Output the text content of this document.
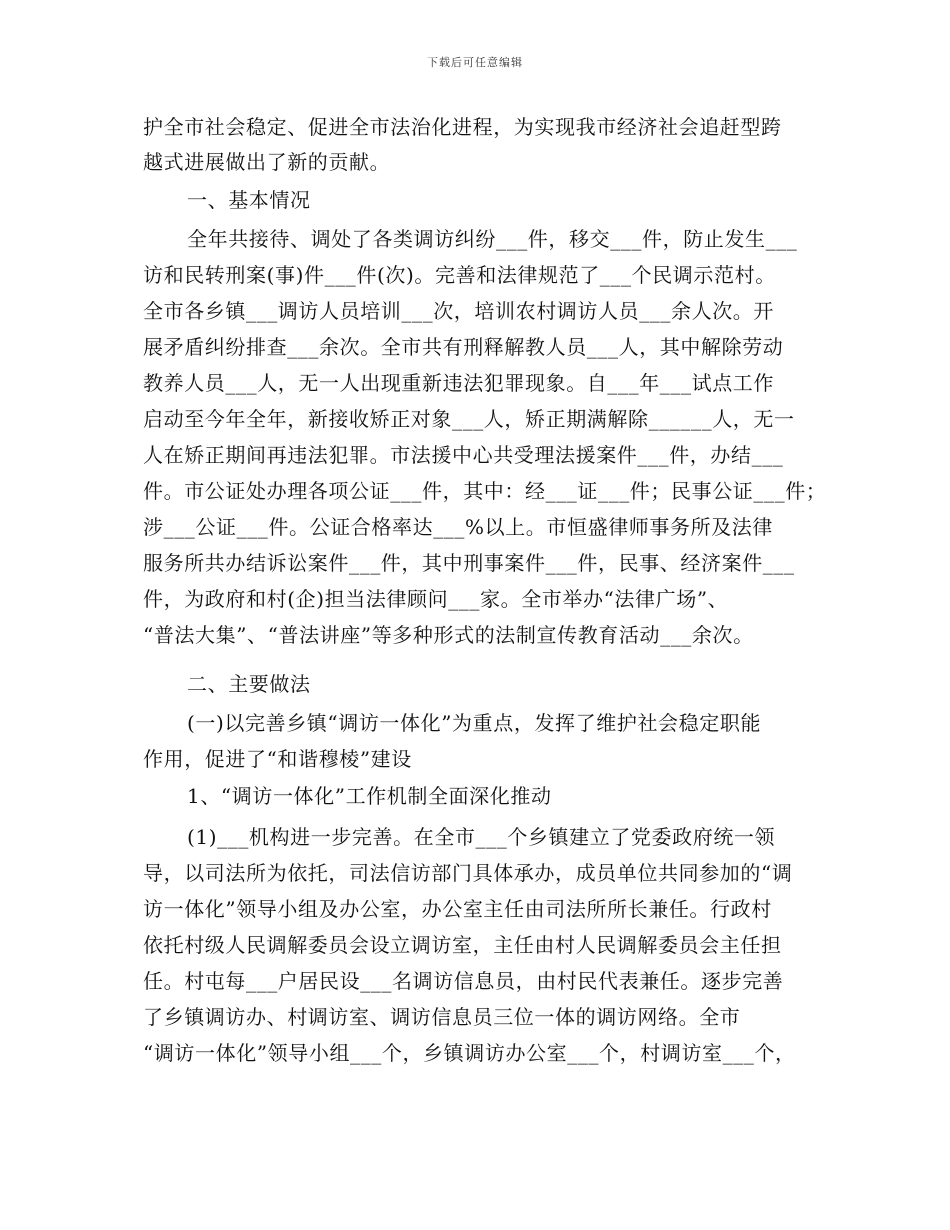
下载后可任意编辑
护全市社会稳定、促进全市法治化进程，为实现我市经济社会追赶型跨
越式进展做出了新的贡献。
一、基本情况
全年共接待、调处了各类调访纠纷___件，移交___件，防止发生___
访和民转刑案(事)件___件(次)。完善和法律规范了___个民调示范村。
全市各乡镇___调访人员培训___次，培训农村调访人员___余人次。开
展矛盾纠纷排查___余次。全市共有刑释解教人员___人，其中解除劳动
教养人员___人，无一人出现重新违法犯罪现象。自___年___试点工作
启动至今年全年，新接收矫正对象___人，矫正期满解除______人，无一
人在矫正期间再违法犯罪。市法援中心共受理法援案件___件，办结___
件。市公证处办理各项公证___件，其中：经___证___件；民事公证___件；
涉___公证___件。公证合格率达___%以上。市恒盛律师事务所及法律
服务所共办结诉讼案件___件，其中刑事案件___件，民事、经济案件___
件，为政府和村(企)担当法律顾问___家。全市举办“法律广场”、
“普法大集”、“普法讲座”等多种形式的法制宣传教育活动___余次。
二、主要做法
(一)以完善乡镇“调访一体化”为重点，发挥了维护社会稳定职能
作用，促进了“和谐穆棱”建设
1、“调访一体化”工作机制全面深化推动
(1)___机构进一步完善。在全市___个乡镇建立了党委政府统一领
导，以司法所为依托，司法信访部门具体承办，成员单位共同参加的“调
访一体化”领导小组及办公室，办公室主任由司法所所长兼任。行政村
依托村级人民调解委员会设立调访室，主任由村人民调解委员会主任担
任。村屯每___户居民设___名调访信息员，由村民代表兼任。逐步完善
了乡镇调访办、村调访室、调访信息员三位一体的调访网络。全市
“调访一体化”领导小组___个，乡镇调访办公室___个，村调访室___个，
